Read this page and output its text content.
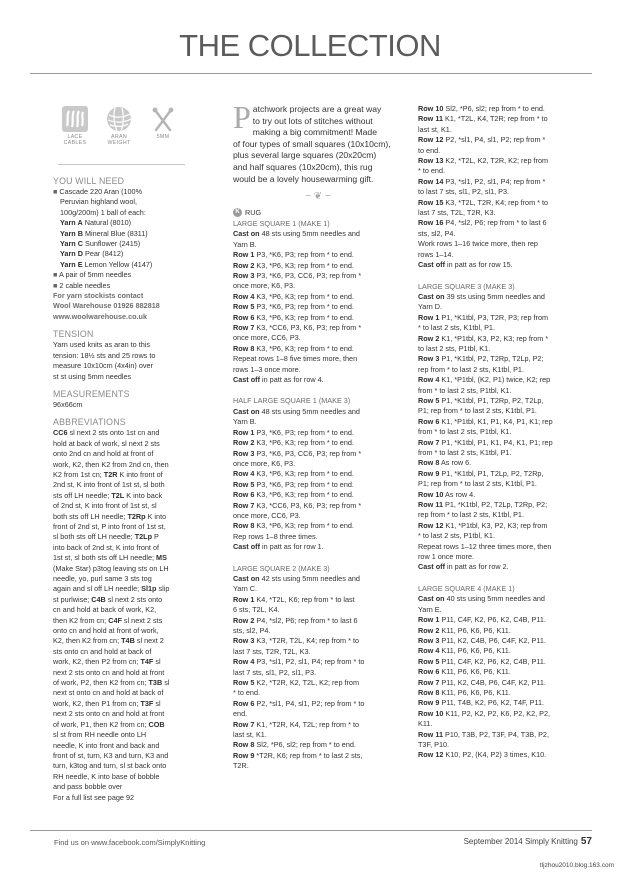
THE COLLECTION
LACE
CABLES
ARAN
WEIGHT
5MM
YOU WILL NEED
■ Cascade 220 Aran (100%
Peruvian highland wool,
100g/200m) 1 ball of each:
Yarn A Natural (8010)
Yarn B Mineral Blue (8311)
Yarn C Sunflower (2415)
Yarn D Pear (8412)
Yarn E Lemon Yellow (4147)
■ A pair of 5mm needles
■ 2 cable needles
For yarn stockists contact
Wool Warehouse 01926 882818
www.woolwarehouse.co.uk
TENSION
Yarn used knits as aran to this
tension: 18½ sts and 25 rows to
measure 10x10cm (4x4in) over
st st using 5mm needles
MEASUREMENTS
96x66cm
ABBREVIATIONS
CC6 sl next 2 sts onto 1st cn and
hold at back of work, sl next 2 sts
onto 2nd cn and hold at front of
work, K2, then K2 from 2nd cn, then
K2 from 1st cn; T2R K into front of
2nd st, K into front of 1st st, sl both
sts off LH needle; T2L K into back
of 2nd st, K into front of 1st st, sl
both sts off LH needle; T2Rp K into
front of 2nd st, P into front of 1st st,
sl both sts off LH needle; T2Lp P
into back of 2nd st, K into front of
1st st, sl both sts off LH needle; MS
(Make Star) p3tog leaving sts on LH
needle, yo, purl same 3 sts tog
again and sl off LH needle; Sl1p slip
st purlwise; C4B sl next 2 sts onto
cn and hold at back of work, K2,
then K2 from cn; C4F sl next 2 sts
onto cn and hold at front of work,
K2, then K2 from cn; T4B sl next 2
sts onto cn and hold at back of
work, K2, then P2 from cn; T4F sl
next 2 sts onto cn and hold at front
of work, P2, then K2 from cn; T3B sl
next st onto cn and hold at back of
work, K2, then P1 from cn; T3F sl
next 2 sts onto cn and hold at front
of work, P1, then K2 from cn; COB
sl st from RH needle onto LH
needle, K into front and back and
front of st, turn, K3 and turn, K3 and
turn, k3tog and turn, sl st back onto
RH needle, K into base of bobble
and pass bobble over
For a full list see page 92
P atchwork projects are a great way
to try out lots of stitches without
making a big commitment! Made
of four types of small squares (10x10cm),
plus several large squares (20x20cm)
and half squares (10x20cm), this rug
would be a lovely housewarming gift.
~ ❦ ~
K RUG
LARGE SQUARE 1 (MAKE 1)
Cast on 48 sts using 5mm needles and
Yarn B.
Row 1 P3, *K6, P3; rep from * to end.
Row 2 K3, *P6, K3; rep from * to end.
Row 3 P3, *K6, P3, CC6, P3; rep from *
once more, K6, P3.
Row 4 K3, *P6, K3; rep from * to end.
Row 5 P3, *K6, P3; rep from * to end.
Row 6 K3, *P6, K3; rep from * to end.
Row 7 K3, *CC6, P3, K6, P3; rep from *
once more, CC6, P3.
Row 8 K3, *P6, K3; rep from * to end.
Repeat rows 1–8 five times more, then
rows 1–3 once more.
Cast off in patt as for row 4.
HALF LARGE SQUARE 1 (MAKE 3)
Cast on 48 sts using 5mm needles and
Yarn B.
Row 1 P3, *K6, P3; rep from * to end.
Row 2 K3, *P6, K3; rep from * to end.
Row 3 P3, *K6, P3, CC6, P3; rep from *
once more, K6, P3.
Row 4 K3, *P6, K3; rep from * to end.
Row 5 P3, *K6, P3; rep from * to end.
Row 6 K3, *P6, K3; rep from * to end.
Row 7 K3, *CC6, P3, K6, P3; rep from *
once more, CC6, P3.
Row 8 K3, *P6, K3; rep from * to end.
Rep rows 1–8 three times.
Cast off in patt as for row 1.
LARGE SQUARE 2 (MAKE 3)
Cast on 42 sts using 5mm needles and
Yarn C.
Row 1 K4, *T2L, K6; rep from * to last
6 sts, T2L, K4.
Row 2 P4, *sl2, P6; rep from * to last 6
sts, sl2, P4.
Row 3 K3, *T2R, T2L, K4; rep from * to
last 7 sts, T2R, T2L, K3.
Row 4 P3, *sl1, P2, sl1, P4; rep from * to
last 7 sts, sl1, P2, sl1, P3.
Row 5 K2, *T2R, K2, T2L, K2; rep from
* to end.
Row 6 P2, *sl1, P4, sl1, P2; rep from * to
end.
Row 7 K1, *T2R, K4, T2L; rep from * to
last st, K1.
Row 8 Sl2, *P6, sl2; rep from * to end.
Row 9 *T2R, K6; rep from * to last 2 sts,
T2R.
Row 10 Sl2, *P6, sl2; rep from * to end.
Row 11 K1, *T2L, K4, T2R; rep from * to
last st, K1.
Row 12 P2, *sl1, P4, sl1, P2; rep from *
to end.
Row 13 K2, *T2L, K2, T2R, K2; rep from
* to end.
Row 14 P3, *sl1, P2, sl1, P4; rep from *
to last 7 sts, sl1, P2, sl1, P3.
Row 15 K3, *T2L, T2R, K4; rep from * to
last 7 sts, T2L, T2R, K3.
Row 16 P4, *sl2, P6; rep from * to last 6
sts, sl2, P4.
Work rows 1–16 twice more, then rep
rows 1–14.
Cast off in patt as for row 15.
LARGE SQUARE 3 (MAKE 3)
Cast on 39 sts using 5mm needles and
Yarn D.
Row 1 P1, *K1tbl, P3, T2R, P3; rep from
* to last 2 sts, K1tbl, P1.
Row 2 K1, *P1tbl, K3, P2, K3; rep from *
to last 2 sts, P1tbl, K1.
Row 3 P1, *K1tbl, P2, T2Rp, T2Lp, P2;
rep from * to last 2 sts, K1tbl, P1.
Row 4 K1, *P1tbl, (K2, P1) twice, K2; rep
from * to last 2 sts, P1tbl, K1.
Row 5 P1, *K1tbl, P1, T2Rp, P2, T2Lp,
P1; rep from * to last 2 sts, K1tbl, P1.
Row 6 K1, *P1tbl, K1, P1, K4, P1, K1; rep
from * to last 2 sts, P1tbl, K1.
Row 7 P1, *K1tbl, P1, K1, P4, K1, P1; rep
from * to last 2 sts, K1tbl, P1.
Row 8 As row 6.
Row 9 P1, *K1tbl, P1, T2Lp, P2, T2Rp,
P1; rep from * to last 2 sts, K1tbl, P1.
Row 10 As row 4.
Row 11 P1, *K1tbl, P2, T2Lp, T2Rp, P2;
rep from * to last 2 sts, K1tbl, P1.
Row 12 K1, *P1tbl, K3, P2, K3; rep from
* to last 2 sts, P1tbl, K1.
Repeat rows 1–12 three times more, then
row 1 once more.
Cast off in patt as for row 2.
LARGE SQUARE 4 (MAKE 1)
Cast on 40 sts using 5mm needles and
Yarn E.
Row 1 P11, C4F, K2, P6, K2, C4B, P11.
Row 2 K11, P6, K6, P6, K11.
Row 3 P11, K2, C4B, P6, C4F, K2, P11.
Row 4 K11, P6, K6, P6, K11.
Row 5 P11, C4F, K2, P6, K2, C4B, P11.
Row 6 K11, P6, K6, P6, K11.
Row 7 P11, K2, C4B, P6, C4F, K2, P11.
Row 8 K11, P6, K6, P6, K11.
Row 9 P11, T4B, K2, P6, K2, T4F, P11.
Row 10 K11, P2, K2, P2, K6, P2, K2, P2,
K11.
Row 11 P10, T3B, P2, T3F, P4, T3B, P2,
T3F, P10.
Row 12 K10, P2, (K4, P2) 3 times, K10.
Find us on www.facebook.com/SimplyKnitting	September 2014 Simply Knitting 57
tljzhou2010.blog.163.com
